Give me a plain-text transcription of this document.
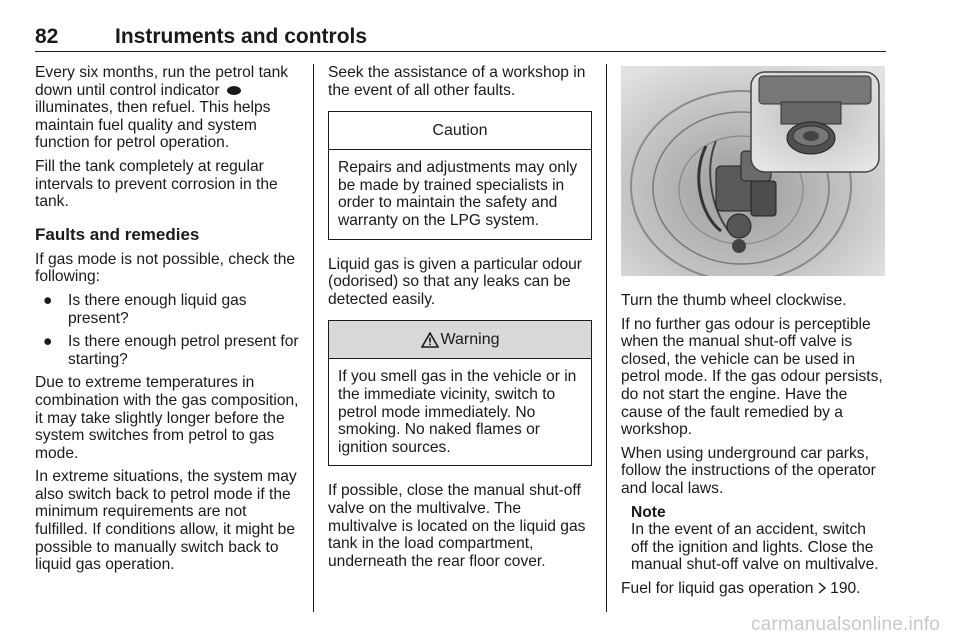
82	Instruments and controls

Every six months, run the petrol tank down until control indicator  illuminates, then refuel. This helps maintain fuel quality and system function for petrol operation.

Fill the tank completely at regular intervals to prevent corrosion in the tank.

Faults and remedies

If gas mode is not possible, check the following:

● Is there enough liquid gas present?
● Is there enough petrol present for starting?

Due to extreme temperatures in combination with the gas composition, it may take slightly longer before the system switches from petrol to gas mode.

In extreme situations, the system may also switch back to petrol mode if the minimum requirements are not fulfilled. If conditions allow, it might be possible to manually switch back to liquid gas operation.

Seek the assistance of a workshop in the event of all other faults.

Caution
Repairs and adjustments may only be made by trained specialists in order to maintain the safety and warranty on the LPG system.

Liquid gas is given a particular odour (odorised) so that any leaks can be detected easily.

Warning
If you smell gas in the vehicle or in the immediate vicinity, switch to petrol mode immediately. No smoking. No naked flames or ignition sources.

If possible, close the manual shut-off valve on the multivalve. The multivalve is located on the liquid gas tank in the load compartment, underneath the rear floor cover.

Turn the thumb wheel clockwise.

If no further gas odour is perceptible when the manual shut-off valve is closed, the vehicle can be used in petrol mode. If the gas odour persists, do not start the engine. Have the cause of the fault remedied by a workshop.

When using underground car parks, follow the instructions of the operator and local laws.

Note
In the event of an accident, switch off the ignition and lights. Close the manual shut-off valve on multivalve.

Fuel for liquid gas operation 190.

carmanualsonline.info
